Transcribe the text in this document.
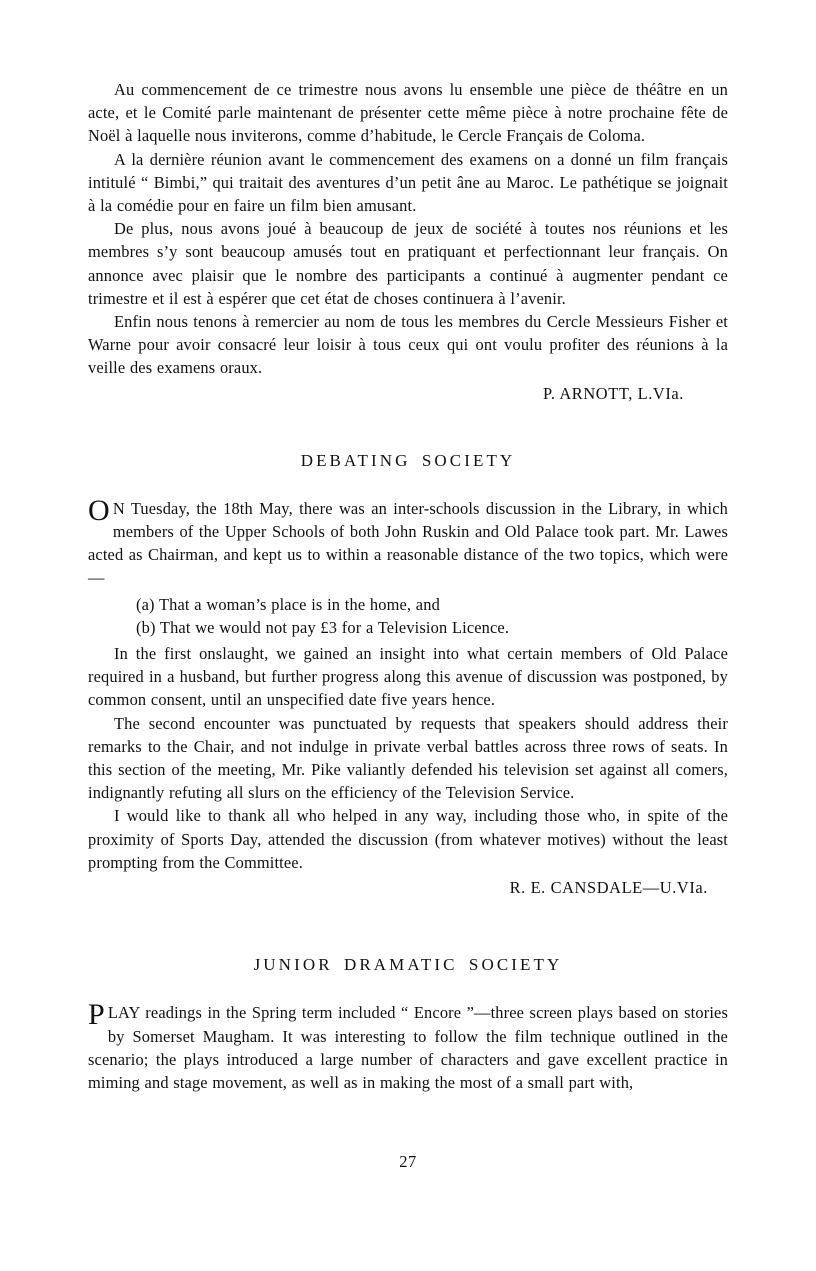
Au commencement de ce trimestre nous avons lu ensemble une pièce de théâtre en un acte, et le Comité parle maintenant de présenter cette même pièce à notre prochaine fête de Noël à laquelle nous inviterons, comme d’habitude, le Cercle Français de Coloma.

A la dernière réunion avant le commencement des examens on a donné un film français intitulé “ Bimbi,” qui traitait des aventures d’un petit âne au Maroc. Le pathétique se joignait à la comédie pour en faire un film bien amusant.

De plus, nous avons joué à beaucoup de jeux de société à toutes nos réunions et les membres s’y sont beaucoup amusés tout en pratiquant et perfectionnant leur français. On annonce avec plaisir que le nombre des participants a continué à augmenter pendant ce trimestre et il est à espérer que cet état de choses continuera à l’avenir.

Enfin nous tenons à remercier au nom de tous les membres du Cercle Messieurs Fisher et Warne pour avoir consacré leur loisir à tous ceux qui ont voulu profiter des réunions à la veille des examens oraux.

P. ARNOTT, L.VIa.

DEBATING SOCIETY
O N Tuesday, the 18th May, there was an inter-schools discussion in the Library, in which members of the Upper Schools of both John Ruskin and Old Palace took part. Mr. Lawes acted as Chairman, and kept us to within a reasonable distance of the two topics, which were—

(a) That a woman’s place is in the home, and

(b) That we would not pay £3 for a Television Licence.

In the first onslaught, we gained an insight into what certain members of Old Palace required in a husband, but further progress along this avenue of discussion was postponed, by common consent, until an unspecified date five years hence.

The second encounter was punctuated by requests that speakers should address their remarks to the Chair, and not indulge in private verbal battles across three rows of seats. In this section of the meeting, Mr. Pike valiantly defended his television set against all comers, indignantly refuting all slurs on the efficiency of the Television Service.

I would like to thank all who helped in any way, including those who, in spite of the proximity of Sports Day, attended the discussion (from whatever motives) without the least prompting from the Committee.

R. E. CANSDALE—U.VIa.

JUNIOR DRAMATIC SOCIETY
P LAY readings in the Spring term included “ Encore ”—three screen plays based on stories by Somerset Maugham. It was interesting to follow the film technique outlined in the scenario; the plays introduced a large number of characters and gave excellent practice in miming and stage movement, as well as in making the most of a small part with,
27
